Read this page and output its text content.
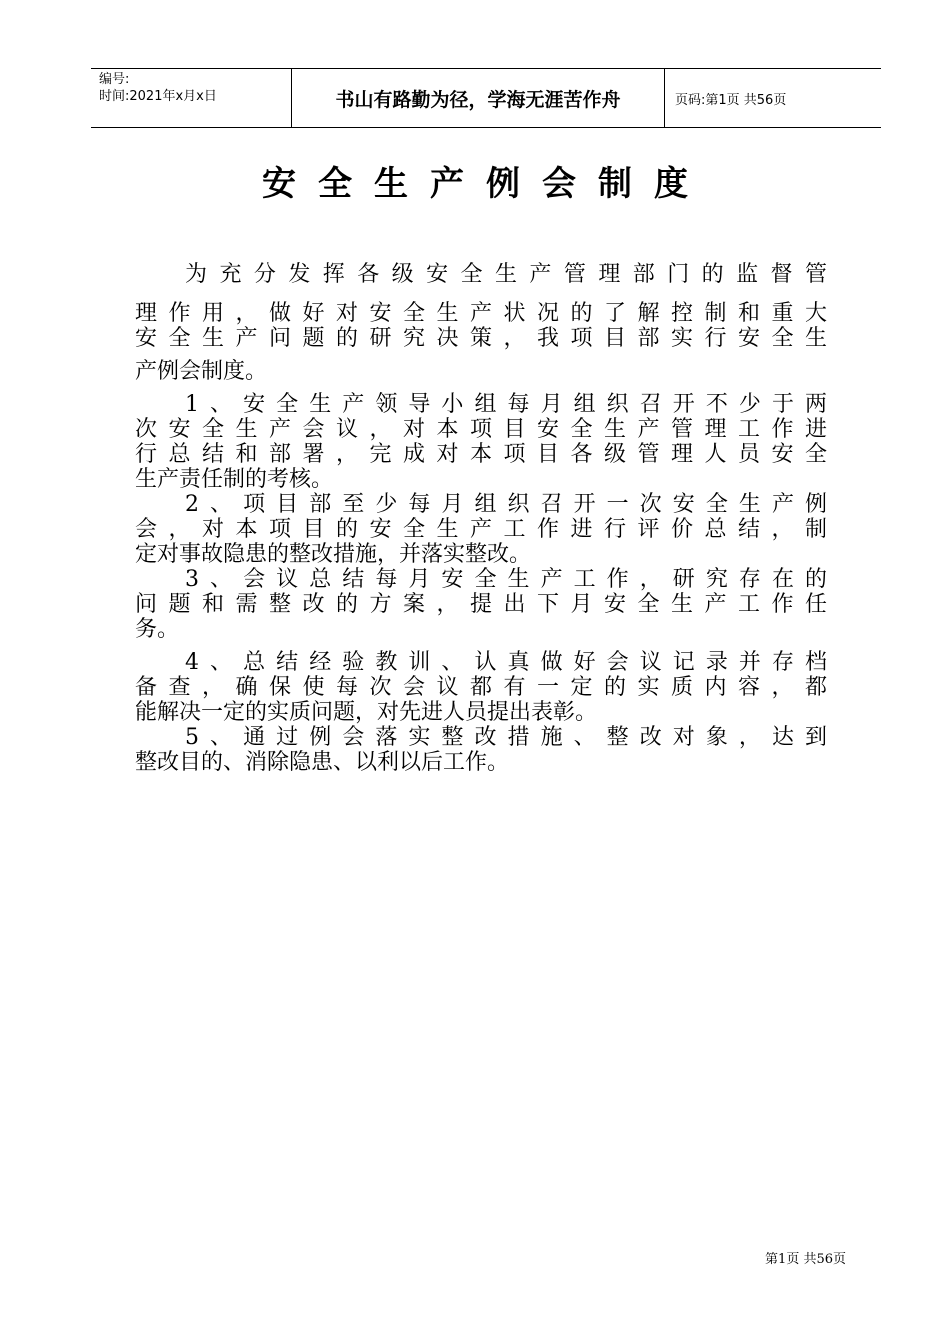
编号:
时间:2021年x月x日	书山有路勤为径，学海无涯苦作舟	页码:第1页 共56页
安全生产例会制度

为充分发挥各级安全生产管理部门的监督管

理作用，做好对安全生产状况的了解控制和重大

安全生产问题的研究决策，我项目部实行安全生

产例会制度。

1、安全生产领导小组每月组织召开不少于两

次安全生产会议，对本项目安全生产管理工作进

行总结和部署，完成对本项目各级管理人员安全

生产责任制的考核。

2、项目部至少每月组织召开一次安全生产例

会，对本项目的安全生产工作进行评价总结，制

定对事故隐患的整改措施，并落实整改。

3、会议总结每月安全生产工作，研究存在的

问题和需整改的方案，提出下月安全生产工作任

务。

4、总结经验教训、认真做好会议记录并存档

备查，确保使每次会议都有一定的实质内容，都

能解决一定的实质问题，对先进人员提出表彰。

5、通过例会落实整改措施、整改对象，达到

整改目的、消除隐患、以利以后工作。

第1页 共56页
